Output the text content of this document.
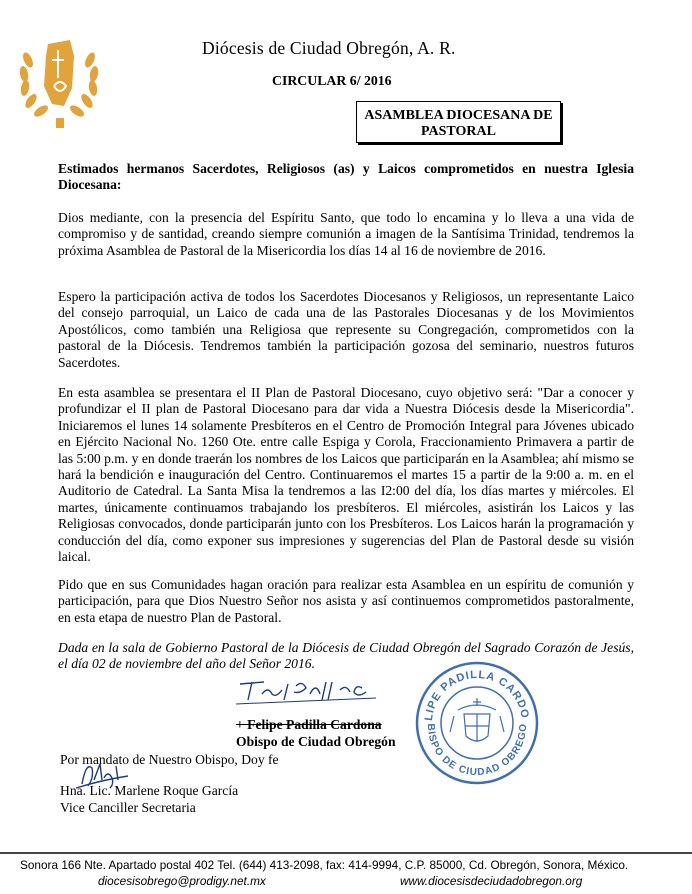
Diócesis de Ciudad Obregón, A. R.
CIRCULAR 6/ 2016
ASAMBLEA DIOCESANA DE PASTORAL
Estimados hermanos Sacerdotes, Religiosos (as) y Laicos comprometidos en nuestra Iglesia Diocesana:
Dios mediante, con la presencia del Espíritu Santo, que todo lo encamina y lo lleva a una vida de compromiso y de santidad, creando siempre comunión a imagen de la Santísima Trinidad, tendremos la próxima Asamblea de Pastoral de la Misericordia los días 14 al 16 de noviembre de 2016.
Espero la participación activa de todos los Sacerdotes Diocesanos y Religiosos, un representante Laico del consejo parroquial, un Laico de cada una de las Pastorales Diocesanas y de los Movimientos Apostólicos, como también una Religiosa que represente su Congregación, comprometidos con la pastoral de la Diócesis. Tendremos también la participación gozosa del seminario, nuestros futuros Sacerdotes.
En esta asamblea se presentara el II Plan de Pastoral Diocesano, cuyo objetivo será: "Dar a conocer y profundizar el II plan de Pastoral Diocesano para dar vida a Nuestra Diócesis desde la Misericordia". Iniciaremos el lunes 14 solamente Presbíteros en el Centro de Promoción Integral para Jóvenes ubicado en Ejército Nacional No. 1260 Ote. entre calle Espiga y Corola, Fraccionamiento Primavera a partir de las 5:00 p.m. y en donde traerán los nombres de los Laicos que participarán en la Asamblea; ahí mismo se hará la bendición e inauguración del Centro. Continuaremos el martes 15 a partir de la 9:00 a. m. en el Auditorio de Catedral. La Santa Misa la tendremos a las I2:00 del día, los días martes y miércoles. El martes, únicamente continuamos trabajando los presbíteros. El miércoles, asistirán los Laicos y las Religiosas convocados, donde participarán junto con los Presbíteros. Los Laicos harán la programación y conducción del día, como exponer sus impresiones y sugerencias del Plan de Pastoral desde su visión laical.
Pido que en sus Comunidades hagan oración para realizar esta Asamblea en un espíritu de comunión y participación, para que Dios Nuestro Señor nos asista y así continuemos comprometidos pastoralmente, en esta etapa de nuestro Plan de Pastoral.
Dada en la sala de Gobierno Pastoral de la Diócesis de Ciudad Obregón del Sagrado Corazón de Jesús, el día 02 de noviembre del año del Señor 2016.
+ Felipe Padilla Cardona
Obispo de Ciudad Obregón
LIPE PADILLA CARDO
BISPO DE CIUDAD OBREGO
Por mandato de Nuestro Obispo, Doy fe
Hna. Lic. Marlene Roque García
Vice Canciller Secretaria
Sonora 166 Nte. Apartado postal 402 Tel. (644) 413-2098, fax: 414-9994, C.P. 85000, Cd. Obregón, Sonora, México.
diocesisobrego@prodigy.net.mx	www.diocesisdeciudadobregon.org
